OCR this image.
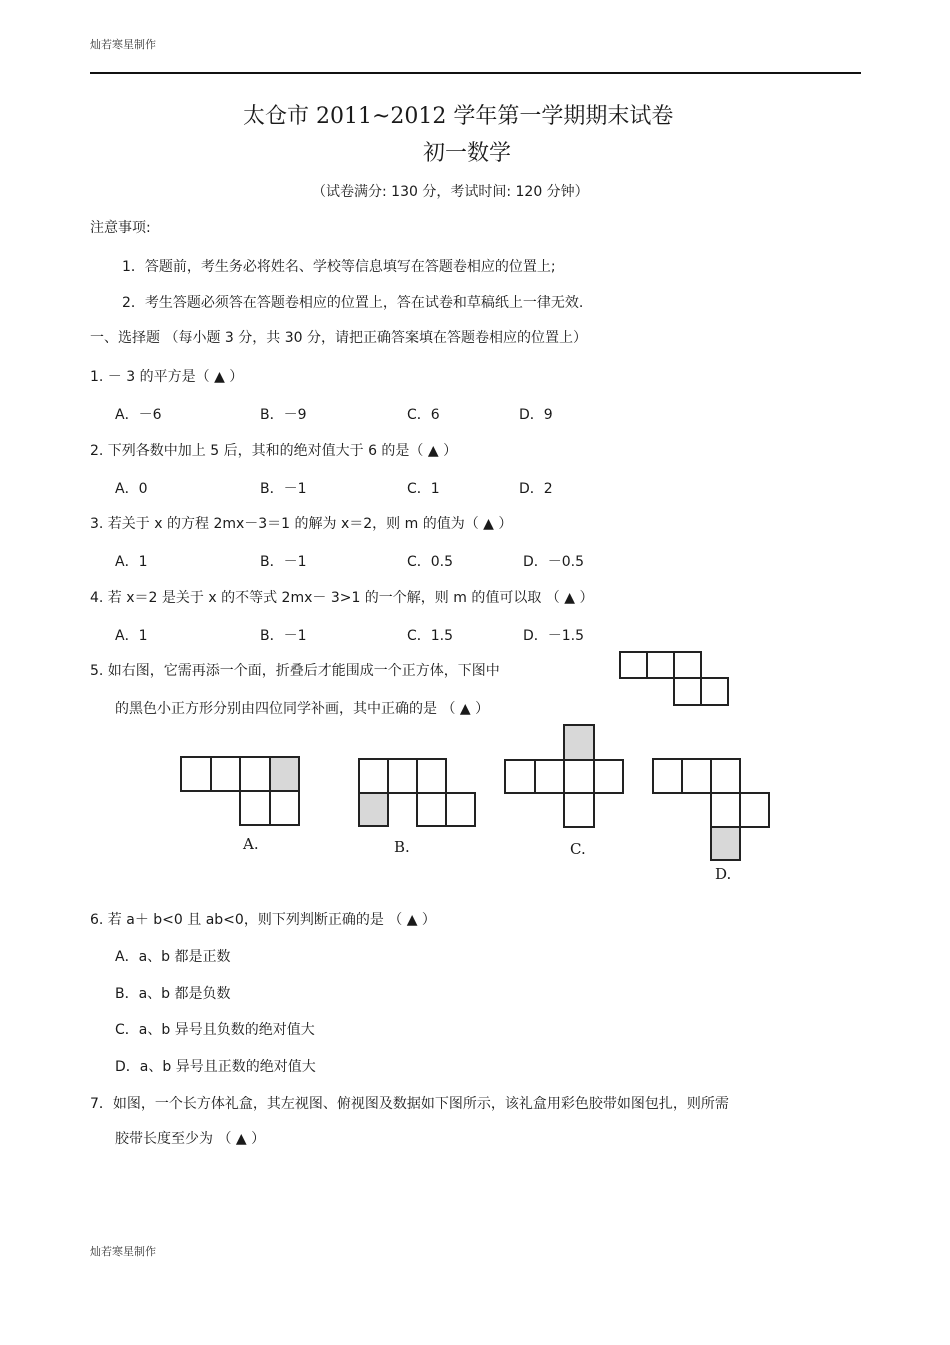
灿若寒星制作
太仓市 2011~2012 学年第一学期期末试卷
初一数学
（试卷满分: 130 分，考试时间: 120 分钟）
注意事项:
1．答题前，考生务必将姓名、学校等信息填写在答题卷相应的位置上;
2．考生答题必须答在答题卷相应的位置上，答在试卷和草稿纸上一律无效.
一、选择题 （每小题 3 分，共 30 分，请把正确答案填在答题卷相应的位置上）
1. － 3 的平方是（ ▲ ）
A．－6	B．－9	C．6	D．9
2. 下列各数中加上 5 后，其和的绝对值大于 6 的是（ ▲ ）
A．0	B．－1	C．1	D．2
3. 若关于 x 的方程 2mx－3＝1 的解为 x＝2，则 m 的值为（ ▲ ）
A．1	B．－1	C．0.5	D．－0.5
4. 若 x＝2 是关于 x 的不等式 2mx－ 3>1 的一个解，则 m 的值可以取 （ ▲ ）
A．1	B．－1	C．1.5	D．－1.5
5. 如右图，它需再添一个面，折叠后才能围成一个正方体，下图中
的黑色小正方形分别由四位同学补画，其中正确的是 （ ▲ ）
A.	B.	C.
D.
6. 若 a＋ b<0 且 ab<0，则下列判断正确的是 （ ▲ ）
A．a、b 都是正数
B．a、b 都是负数
C．a、b 异号且负数的绝对值大
D．a、b 异号且正数的绝对值大
7．如图，一个长方体礼盒，其左视图、俯视图及数据如下图所示，该礼盒用彩色胶带如图包扎，则所需
胶带长度至少为 （ ▲ ）
灿若寒星制作
